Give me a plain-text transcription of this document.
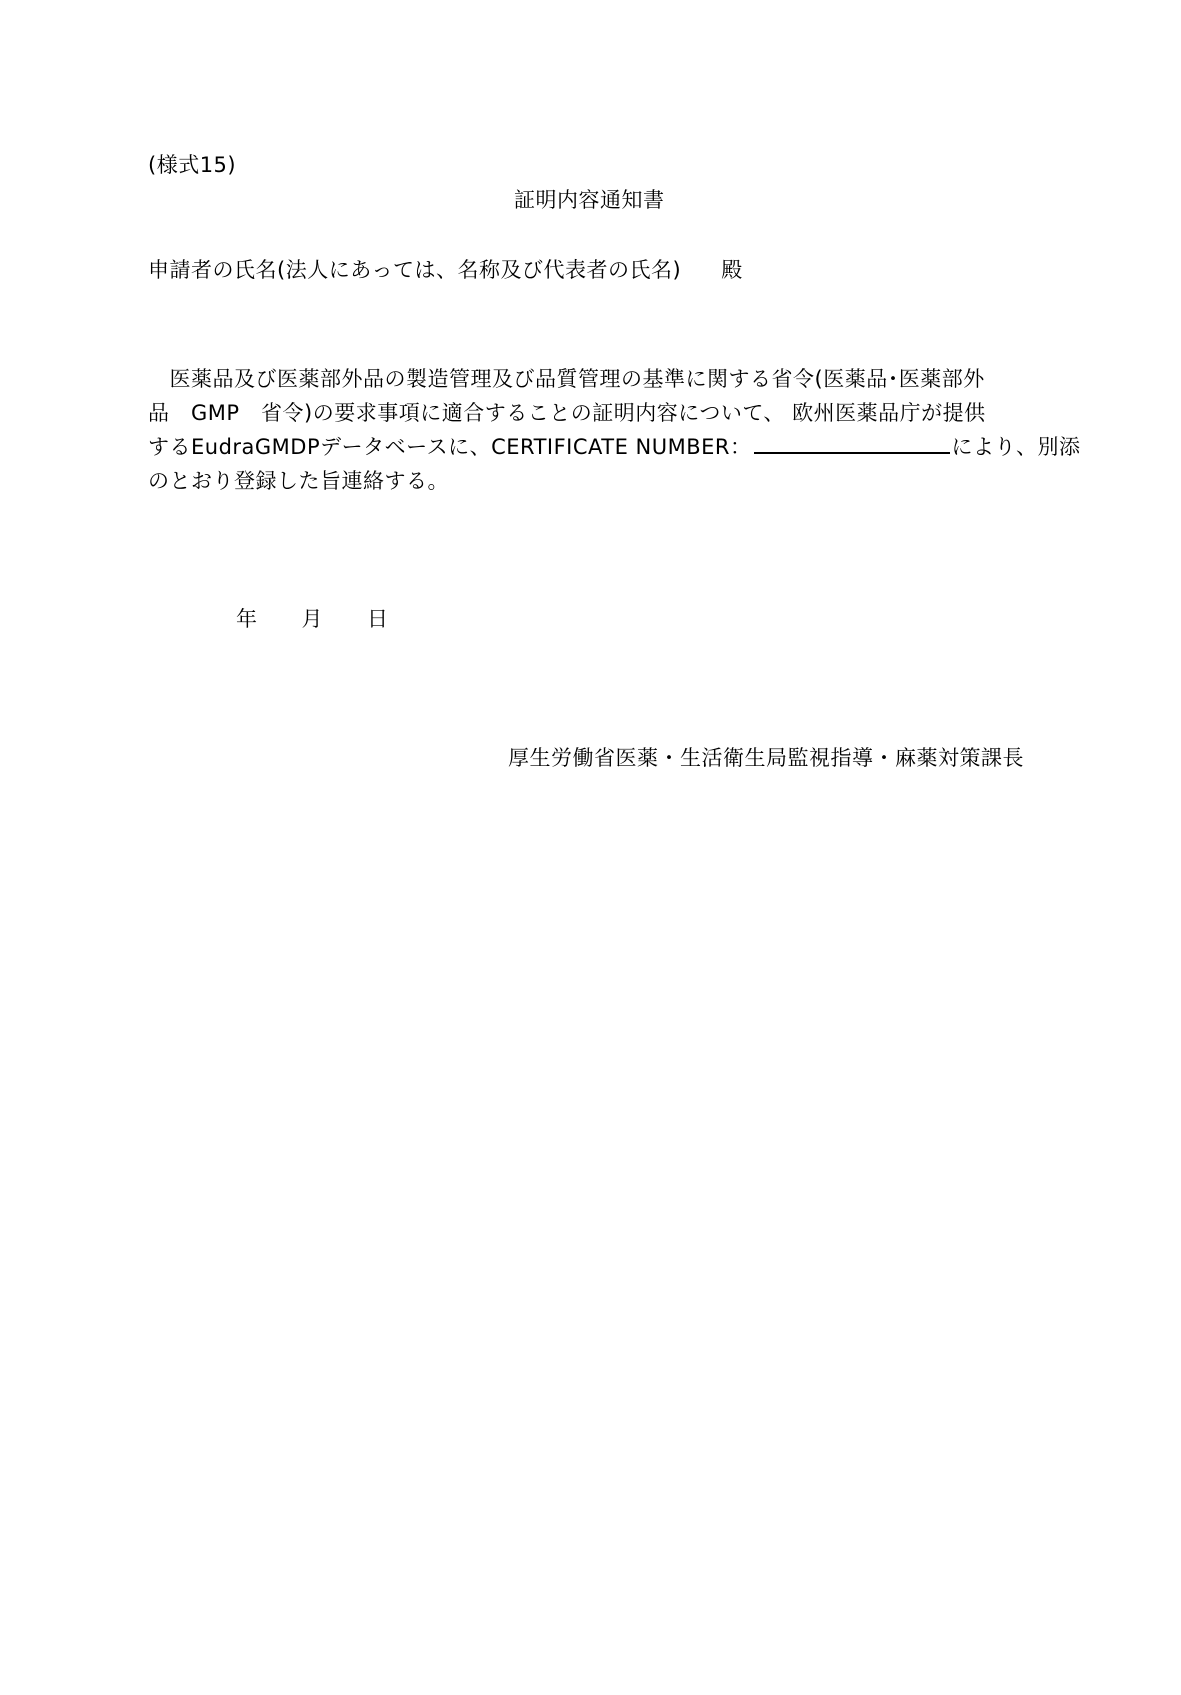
(様式15)
証明内容通知書
申請者の氏名(法人にあっては、名称及び代表者の氏名) 殿
　医薬品及び医薬部外品の製造管理及び品質管理の基準に関する省令(医薬品･医薬部外
品　GMP　省令)の要求事項に適合することの証明内容について、 欧州医薬品庁が提供
するEudraGMDPデータベースに、CERTIFICATE NUMBER：	により、別添
のとおり登録した旨連絡する。
年 月 日
厚生労働省医薬・生活衛生局監視指導・麻薬対策課長
